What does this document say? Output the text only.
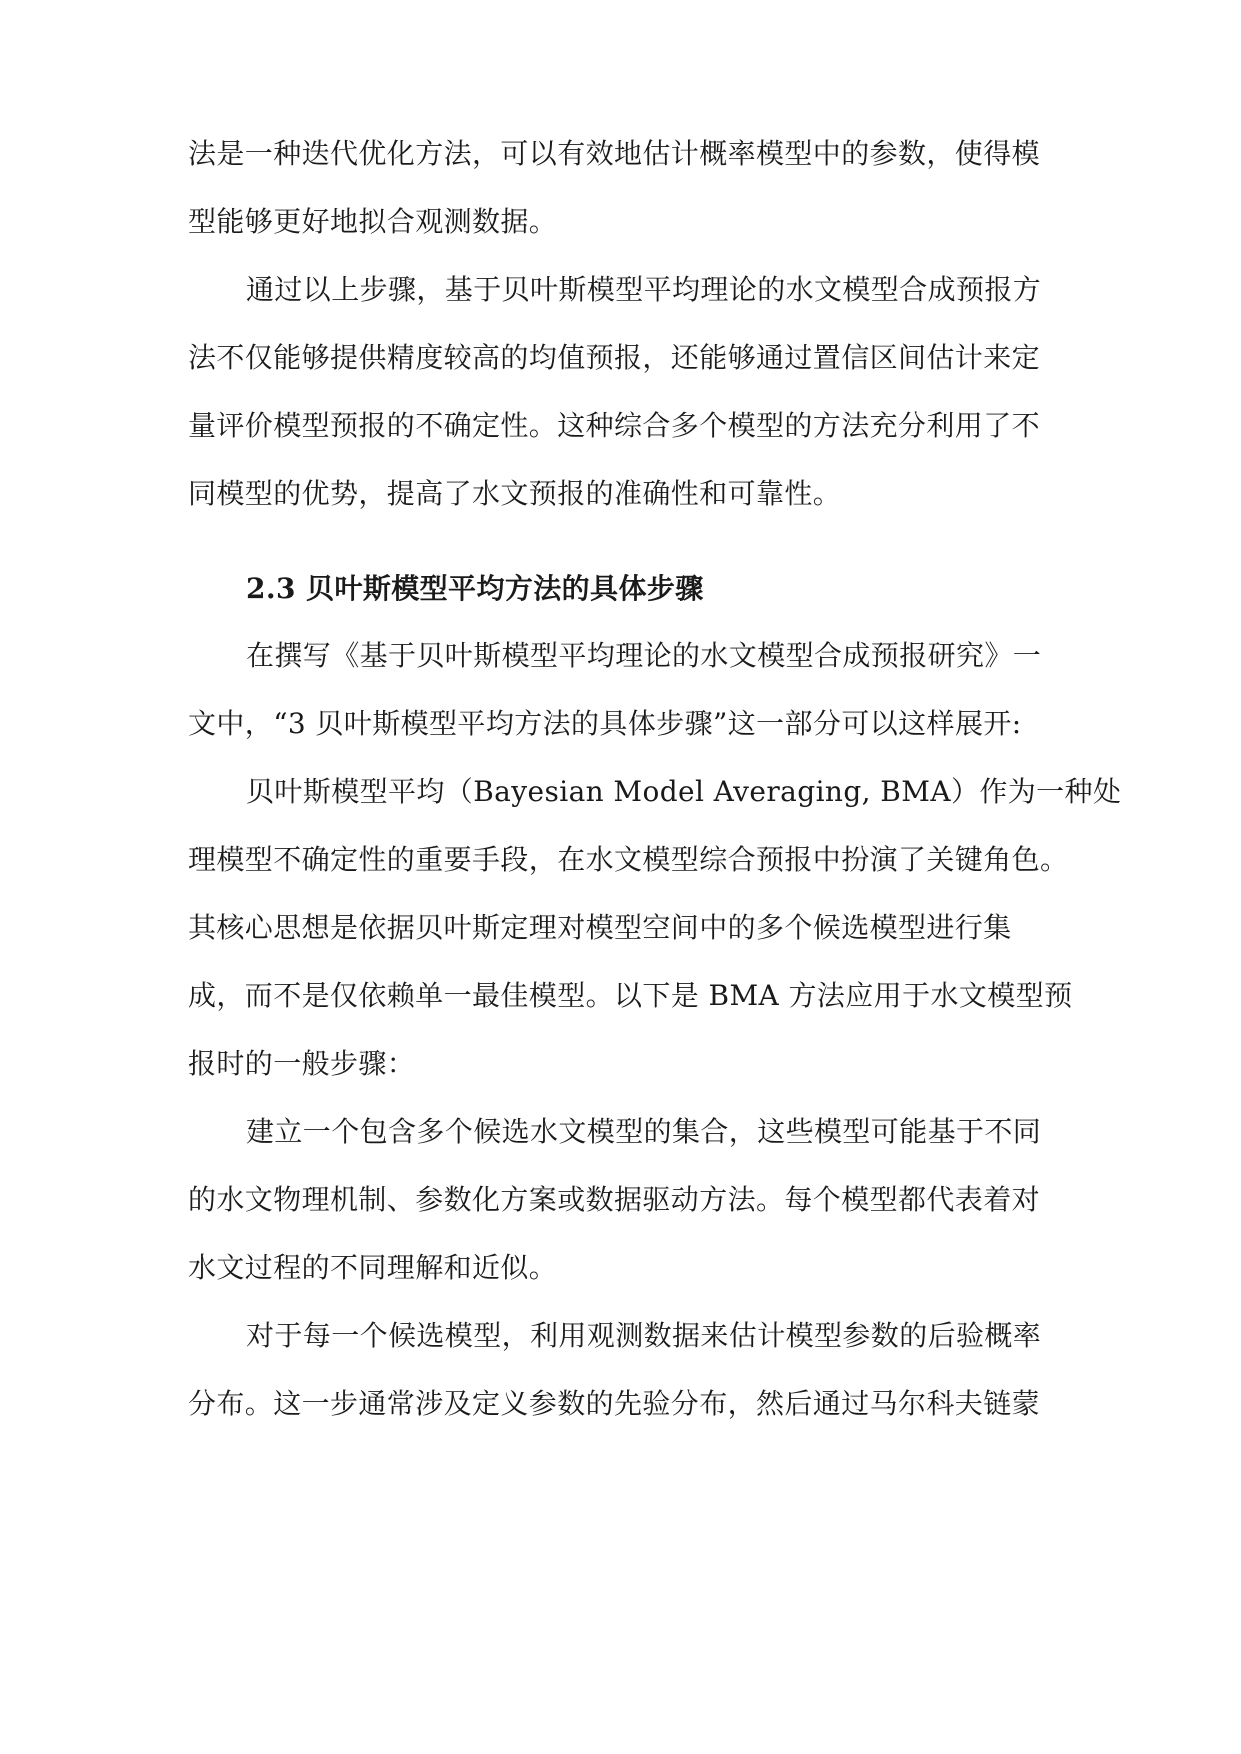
法是一种迭代优化方法，可以有效地估计概率模型中的参数，使得模
型能够更好地拟合观测数据。
通过以上步骤，基于贝叶斯模型平均理论的水文模型合成预报方
法不仅能够提供精度较高的均值预报，还能够通过置信区间估计来定
量评价模型预报的不确定性。这种综合多个模型的方法充分利用了不
同模型的优势，提高了水文预报的准确性和可靠性。
2.3 贝叶斯模型平均方法的具体步骤
在撰写《基于贝叶斯模型平均理论的水文模型合成预报研究》一
文中，“3 贝叶斯模型平均方法的具体步骤”这一部分可以这样展开:
贝叶斯模型平均（Bayesian Model Averaging, BMA）作为一种处
理模型不确定性的重要手段，在水文模型综合预报中扮演了关键角色。
其核心思想是依据贝叶斯定理对模型空间中的多个候选模型进行集
成，而不是仅依赖单一最佳模型。以下是 BMA 方法应用于水文模型预
报时的一般步骤：
建立一个包含多个候选水文模型的集合，这些模型可能基于不同
的水文物理机制、参数化方案或数据驱动方法。每个模型都代表着对
水文过程的不同理解和近似。
对于每一个候选模型，利用观测数据来估计模型参数的后验概率
分布。这一步通常涉及定义参数的先验分布，然后通过马尔科夫链蒙
